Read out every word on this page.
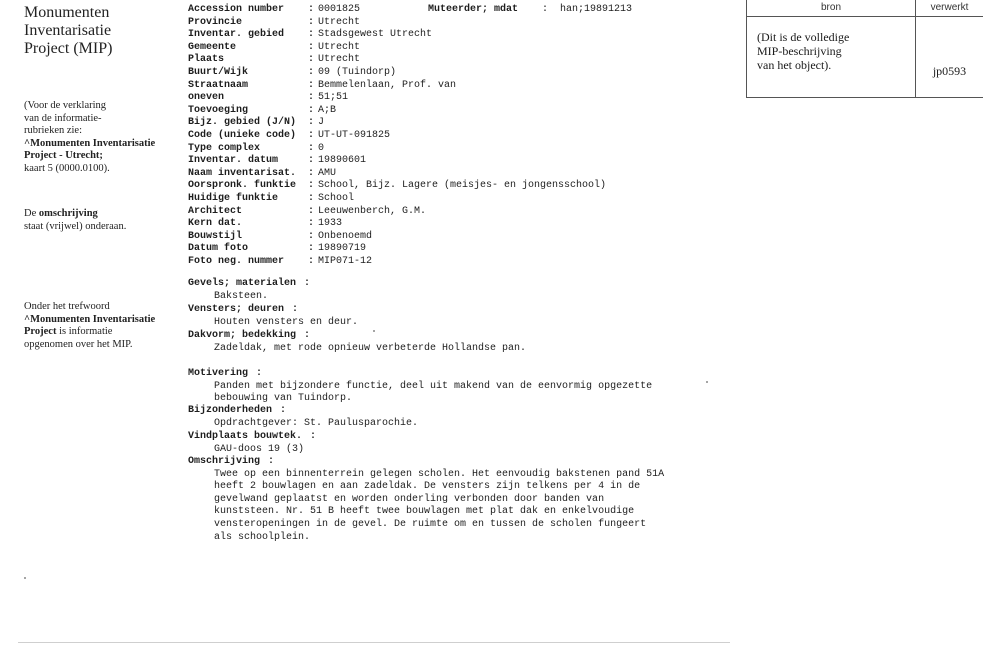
Monumenten
Inventarisatie
Project (MIP)
(Voor de verklaring
van de informatie-
rubrieken zie:
^Monumenten Inventarisatie
Project - Utrecht;
kaart 5 (0000.0100).
De omschrijving
staat (vrijwel) onderaan.
Onder het trefwoord
^Monumenten Inventarisatie
Project is informatie
opgenomen over het MIP.
Muteerder; mdat    :  han;19891213
Accession number	: 0001825
Provincie	: Utrecht
Inventar. gebied	: Stadsgewest Utrecht
Gemeente	: Utrecht
Plaats	: Utrecht
Buurt/Wijk	: 09 (Tuindorp)
Straatnaam	: Bemmelenlaan, Prof. van
oneven	: 51;51
Toevoeging	: A;B
Bijz. gebied (J/N)	: J
Code (unieke code)	: UT-UT-091825
Type complex	: 0
Inventar. datum	: 19890601
Naam inventarisat.	: AMU
Oorspronk. funktie	: School, Bijz. Lagere (meisjes- en jongensschool)
Huidige funktie	: School
Architect	: Leeuwenberch, G.M.
Kern dat.	: 1933
Bouwstijl	: Onbenoemd
Datum foto	: 19890719
Foto neg. nummer	: MIP071-12
Gevels; materialen :
Baksteen.
Vensters; deuren :
Houten vensters en deur.
Dakvorm; bedekking :
Zadeldak, met rode opnieuw verbeterde Hollandse pan.
Motivering :
Panden met bijzondere functie, deel uit makend van de eenvormig opgezette
bebouwing van Tuindorp.
Bijzonderheden :
Opdrachtgever: St. Paulusparochie.
Vindplaats bouwtek. :
GAU-doos 19 (3)
Omschrijving :
Twee op een binnenterrein gelegen scholen. Het eenvoudig bakstenen pand 51A
heeft 2 bouwlagen en aan zadeldak. De vensters zijn telkens per 4 in de
gevelwand geplaatst en worden onderling verbonden door banden van
kunststeen. Nr. 51 B heeft twee bouwlagen met plat dak en enkelvoudige
vensteropeningen in de gevel. De ruimte om en tussen de scholen fungeert
als schoolplein.
bron	verwerkt
(Dit is de volledige
MIP-beschrijving
van het object).	jp0593
